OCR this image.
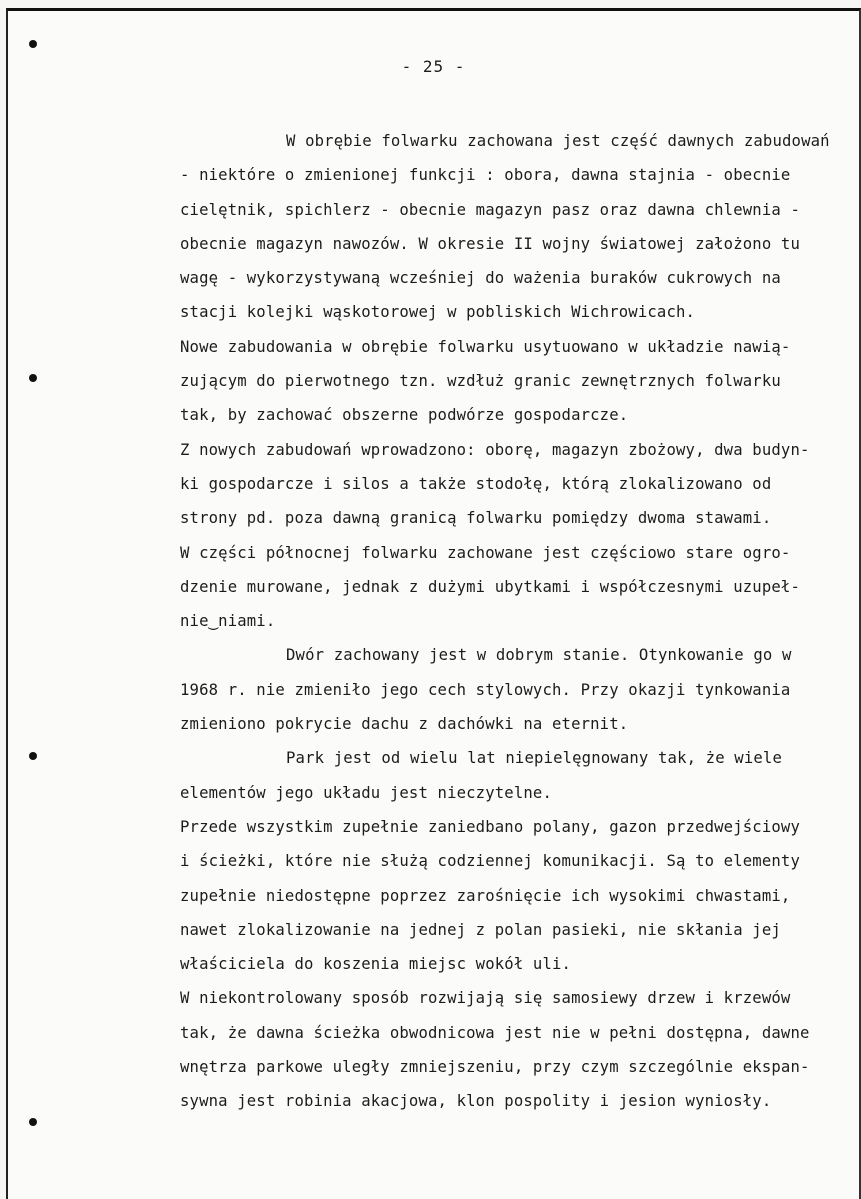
- 25 -
W obrębie folwarku zachowana jest część dawnych zabudowań
- niektóre o zmienionej funkcji : obora, dawna stajnia - obecnie
cielętnik, spichlerz - obecnie magazyn pasz oraz dawna chlewnia -
obecnie magazyn nawozów. W okresie II wojny światowej założono tu
wagę - wykorzystywaną wcześniej do ważenia buraków cukrowych na
stacji kolejki wąskotorowej w pobliskich Wichrowicach.
Nowe zabudowania w obrębie folwarku usytuowano w układzie nawią-
zującym do pierwotnego tzn. wzdłuż granic zewnętrznych folwarku
tak, by zachować obszerne podwórze gospodarcze.
Z nowych zabudowań wprowadzono: oborę, magazyn zbożowy, dwa budyn-
ki gospodarcze i silos a także stodołę, którą zlokalizowano od
strony pd. poza dawną granicą folwarku pomiędzy dwoma stawami.
W części północnej folwarku zachowane jest częściowo stare ogro-
dzenie murowane, jednak z dużymi ubytkami i współczesnymi uzupeł-
nie‿niami.
Dwór zachowany jest w dobrym stanie. Otynkowanie go w
1968 r. nie zmieniło jego cech stylowych. Przy okazji tynkowania
zmieniono pokrycie dachu z dachówki na eternit.
Park jest od wielu lat niepielęgnowany tak, że wiele
elementów jego układu jest nieczytelne.
Przede wszystkim zupełnie zaniedbano polany, gazon przedwejściowy
i ścieżki, które nie służą codziennej komunikacji. Są to elementy
zupełnie niedostępne poprzez zarośnięcie ich wysokimi chwastami,
nawet zlokalizowanie na jednej z polan pasieki, nie skłania jej
właściciela do koszenia miejsc wokół uli.
W niekontrolowany sposób rozwijają się samosiewy drzew i krzewów
tak, że dawna ścieżka obwodnicowa jest nie w pełni dostępna, dawne
wnętrza parkowe uległy zmniejszeniu, przy czym szczególnie ekspan-
sywna jest robinia akacjowa, klon pospolity i jesion wyniosły.
